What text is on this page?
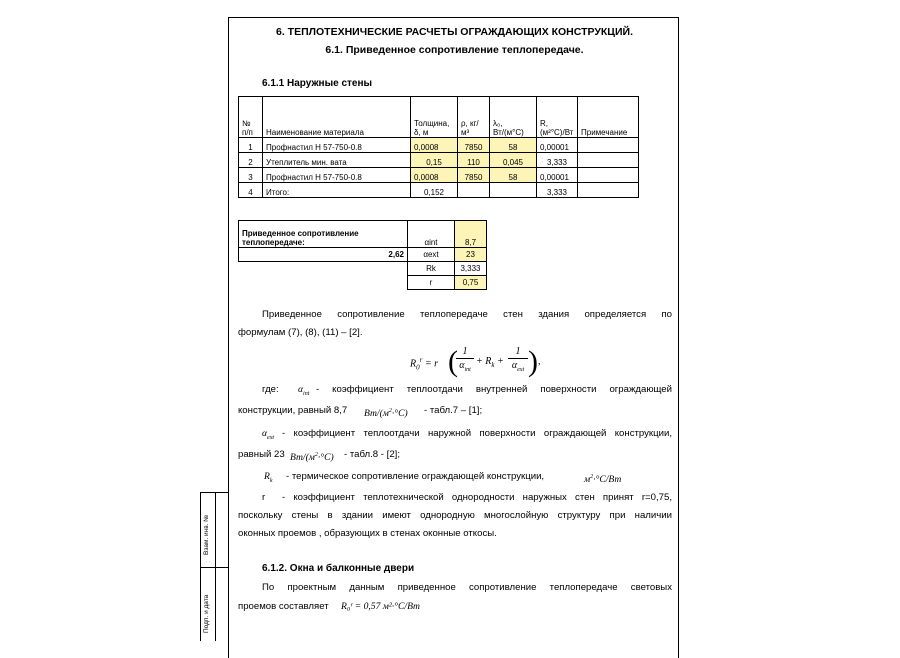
Взам. инв. №
Подп. и дата
6. ТЕПЛОТЕХНИЧЕСКИЕ РАСЧЕТЫ ОГРАЖДАЮЩИХ КОНСТРУКЦИЙ.
6.1. Приведенное сопротивление теплопередаче.
6.1.1 Наружные стены
№ п/п	Наименование материала	Толщина, δ, м	ρ, кг/м³	λ₀, Вт/(м°С)	R, (м²°С)/Вт	Примечание
1	Профнастил Н 57-750-0.8	0,0008	7850	58	0,00001	
2	Утеплитель мин. вата	0,15	110	0,045	3,333	
3	Профнастил Н 57-750-0.8	0,0008	7850	58	0,00001	
4	Итого:	0,152			3,333	
Приведенное сопротивление теплопередаче:		αint	8,7
	2,62	αext	23
		Rk	3,333
		r	0,75
Приведенное сопротивление теплопередаче стен здания определяется по
формулам (7), (8), (11) – [2].
$R_0^r = r$ ( 1
$\alpha_{int}$
+ $R_k$ +
1
$\alpha_{ext}$ ) ,
где: $\alpha_{int}$ - коэффициент теплоотдачи внутренней поверхности ограждающей
конструкции, равный 8,7 $Вт/(м^2\cdot^\circ С)$ - табл.7 – [1];
$\alpha_{ext}$ - коэффициент теплоотдачи наружной поверхности ограждающей конструкции,
равный 23 $Вт/(м^2\cdot^\circ С)$ - табл.8 - [2];
$R_k$ - термическое сопротивление ограждающей конструкции,	$м^2\cdot^\circ С/Вт$
r - коэффициент теплотехнической однородности наружных стен принят r=0,75,
поскольку стены в здании имеют однородную многослойную структуру при наличии
оконных проемов , образующих в стенах оконные откосы.
6.1.2. Окна и балконные двери
По проектным данным приведенное сопротивление теплопередаче световых
проемов составляет R₀ʳ = 0,57 м²·°С/Вт
